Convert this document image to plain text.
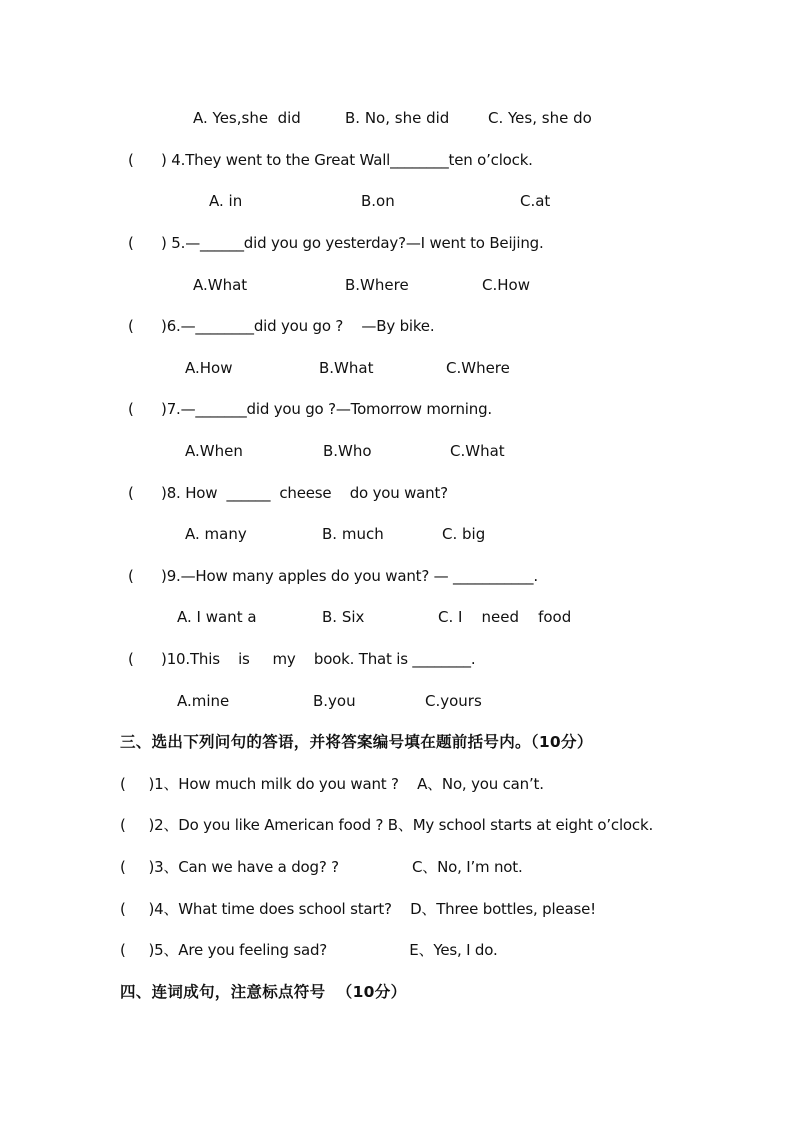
A. Yes,she  did	B. No, she did	C. Yes, she do
(      ) 4.They went to the Great Wall________ten o’clock.
A. in	B.on	C.at
(      ) 5.—______did you go yesterday?—I went to Beijing.
A.What	B.Where	C.How
(      )6.—________did you go ?    —By bike.
A.How	B.What	C.Where
(      )7.—_______did you go ?—Tomorrow morning.
A.When	B.Who	C.What
(      )8. How  ______  cheese    do you want?
A. many	B. much	C. big
(      )9.—How many apples do you want? — ___________.
A. I want a	B. Six	C. I    need    food
(      )10.This    is     my    book. That is ________.
A.mine	B.you	C.yours
三、选出下列问句的答语，并将答案编号填在题前括号内。（10分）
(     )1、How much milk do you want ?    A、No, you can’t.
(     )2、Do you like American food ? B、My school starts at eight o’clock.
(     )3、Can we have a dog? ?                C、No, I’m not.
(     )4、What time does school start?    D、Three bottles, please!
(     )5、Are you feeling sad?                  E、Yes, I do.
四、连词成句，注意标点符号  （10分）
